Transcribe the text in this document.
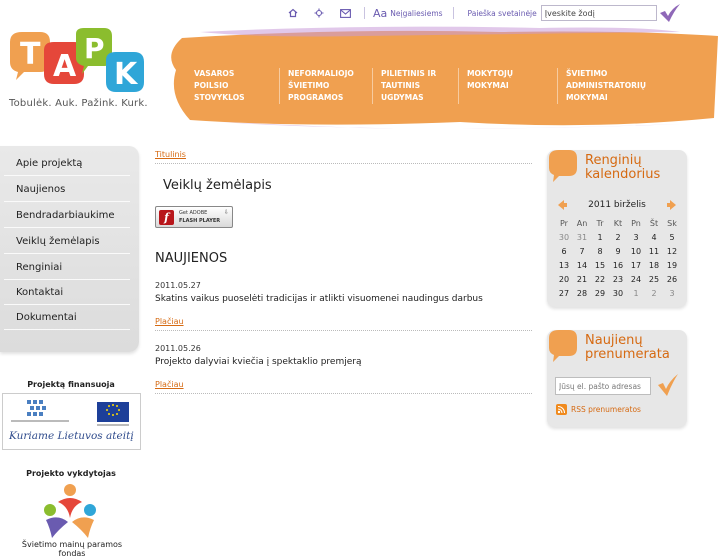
Aa Neįgaliesiems	Paieška svetainėje
Įveskite žodį
T A
P
K
Tobulėk. Auk. Pažink. Kurk.
VASAROS POILSIO
STOVYKLOS
NEFORMALIOJO
ŠVIETIMO
PROGRAMOS
PILIETINIS IR
TAUTINIS
UGDYMAS
MOKYTOJŲ
MOKYMAI
ŠVIETIMO
ADMINISTRATORIŲ
MOKYMAI
Apie projektą
Naujienos
Bendradarbiaukime
Veiklų žemėlapis
Renginiai
Kontaktai
Dokumentai
Projektą finansuoja
Kuriame Lietuvos ateitį
Projekto vykdytojas
Švietimo mainų paramos fondas
Titulinis
Veiklų žemėlapis
f	Get ADOBE
FLASH PLAYER
⇩
NAUJIENOS
2011.05.27
Skatins vaikus puoselėti tradicijas ir atlikti visuomenei naudingus darbus
Plačiau
2011.05.26
Projekto dalyviai kviečia į spektaklio premjerą
Plačiau
Renginių
kalendorius
2011 birželis
Pr	An	Tr	Kt	Pn	Št	Sk
30 31	1	2	3	4	5
6	7	8	9	10 11 12
13 14 15 16 17 18 19
20 21 22 23 24 25 26
27 28 29 30	1	2	3
Naujienų
prenumerata
Jūsų el. pašto adresas
RSS prenumeratos
